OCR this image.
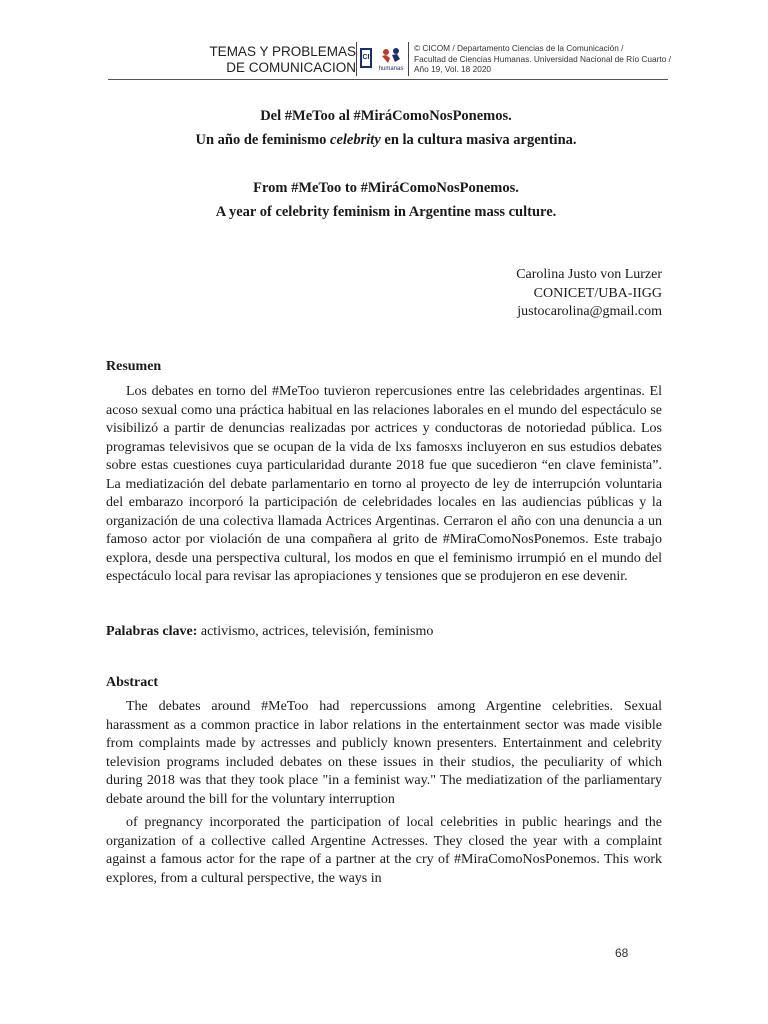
TEMAS Y PROBLEMAS
DE COMUNICACION
CI
humanas
© CICOM / Departamento Ciencias de la Comunicación /
Facultad de Ciencias Humanas. Universidad Nacional de Río Cuarto /
Año 19, Vol. 18 2020

Del #MeToo al #MiráComoNosPonemos.

Un año de feminismo celebrity en la cultura masiva argentina.

From #MeToo to #MiráComoNosPonemos.

A year of celebrity feminism in Argentine mass culture.

Carolina Justo von Lurzer
CONICET/UBA-IIGG
justocarolina@gmail.com
Resumen

Los debates en torno del #MeToo tuvieron repercusiones entre las celebridades argentinas. El acoso sexual como una práctica habitual en las relaciones laborales en el mundo del espectáculo se visibilizó a partir de denuncias realizadas por actrices y conductoras de notoriedad pública. Los programas televisivos que se ocupan de la vida de lxs famosxs incluyeron en sus estudios debates sobre estas cuestiones cuya particularidad durante 2018 fue que sucedieron “en clave feminista”. La mediatización del debate parlamentario en torno al proyecto de ley de interrupción voluntaria del embarazo incorporó la participación de celebridades locales en las audiencias públicas y la organización de una colectiva llamada Actrices Argentinas. Cerraron el año con una denuncia a un famoso actor por violación de una compañera al grito de #MiraComoNosPonemos. Este trabajo explora, desde una perspectiva cultural, los modos en que el feminismo irrumpió en el mundo del espectáculo local para revisar las apropiaciones y tensiones que se produjeron en ese devenir.

Palabras clave: activismo, actrices, televisión, feminismo
Abstract

The debates around #MeToo had repercussions among Argentine celebrities. Sexual harassment as a common practice in labor relations in the entertainment sector was made visible from complaints made by actresses and publicly known presenters. Entertainment and celebrity television programs included debates on these issues in their studios, the peculiarity of which during 2018 was that they took place "in a feminist way." The mediatization of the parliamentary debate around the bill for the voluntary interruption

of pregnancy incorporated the participation of local celebrities in public hearings and the organization of a collective called Argentine Actresses. They closed the year with a complaint against a famous actor for the rape of a partner at the cry of #MiraComoNosPonemos. This work explores, from a cultural perspective, the ways in

68
